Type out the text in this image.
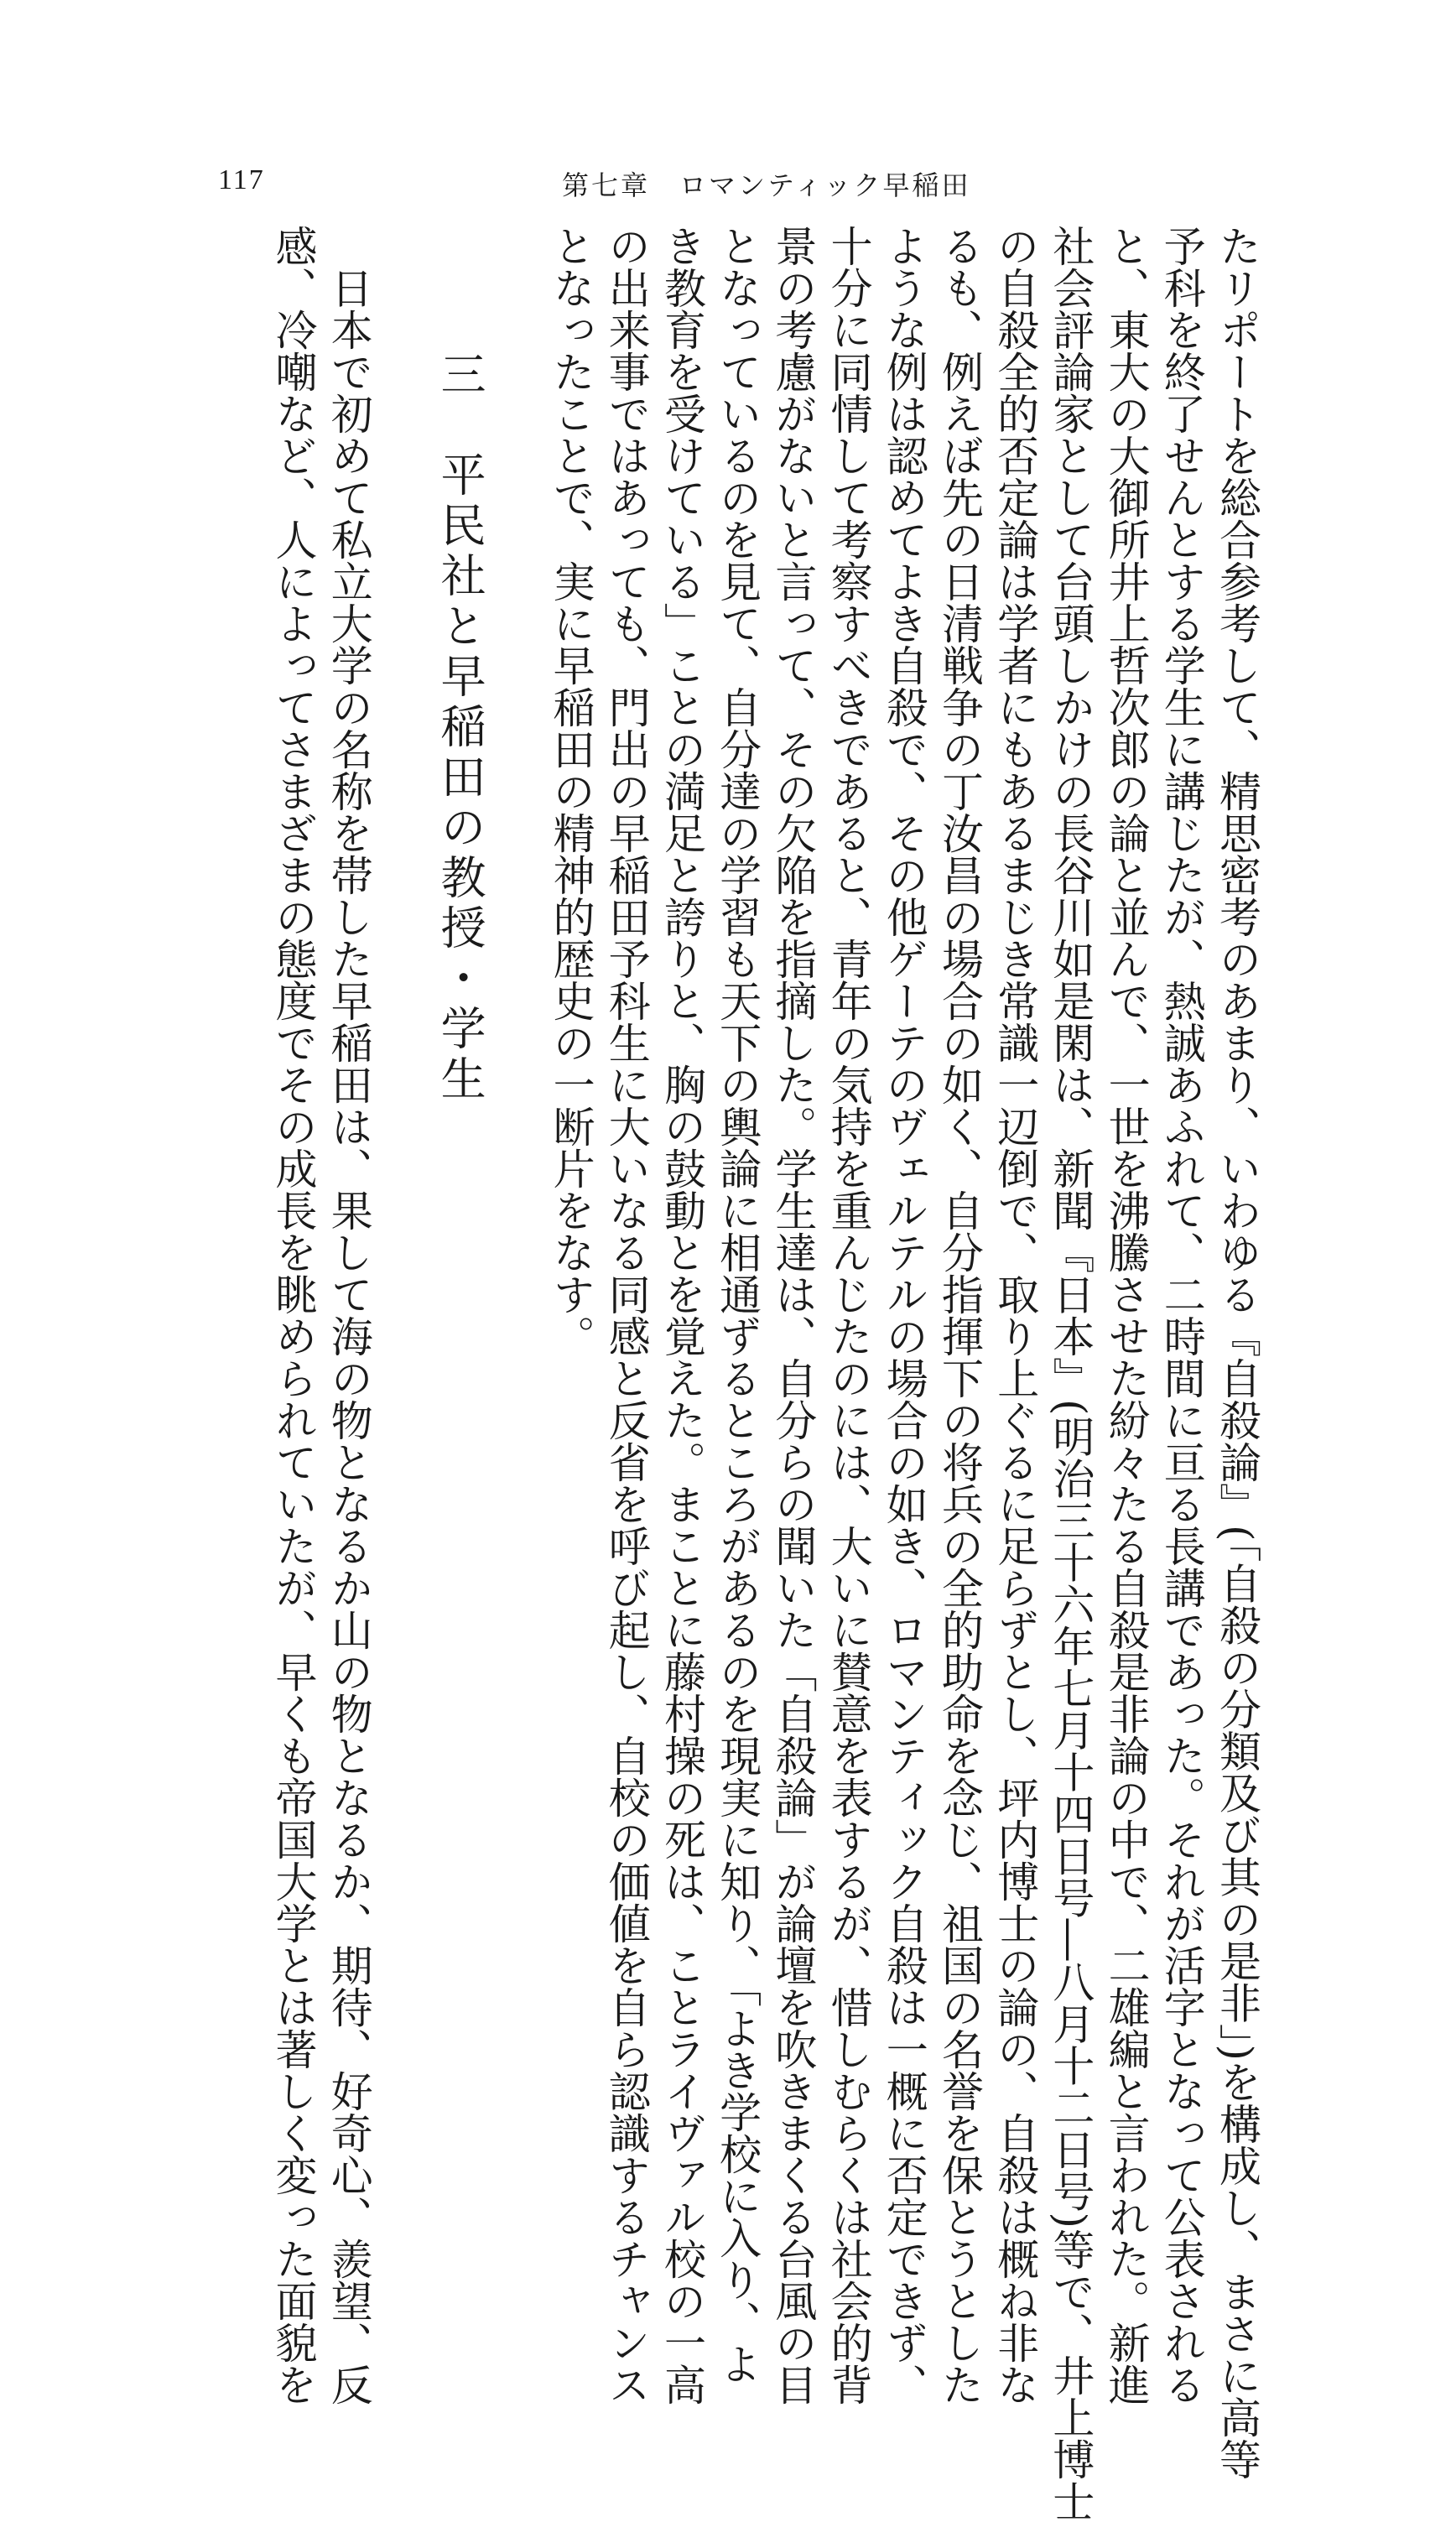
117	第七章　ロマンティック早稲田
たリポートを総合参考して、精思密考のあまり、いわゆる『自殺論』(「自殺の分類及び其の是非」)を構成し、まさに高等
予科を終了せんとする学生に講じたが、熱誠あふれて、二時間に亘る長講であった。それが活字となって公表される
と、東大の大御所井上哲次郎の論と並んで、一世を沸騰させた紛々たる自殺是非論の中で、二雄編と言われた。新進
社会評論家として台頭しかけの長谷川如是閑は、新聞『日本』(明治三十六年七月十四日号―八月十二日号)等で、井上博士
の自殺全的否定論は学者にもあるまじき常識一辺倒で、取り上ぐるに足らずとし、坪内博士の論の、自殺は概ね非な
るも、例えば先の日清戦争の丁汝昌の場合の如く、自分指揮下の将兵の全的助命を念じ、祖国の名誉を保とうとした
ような例は認めてよき自殺で、その他ゲーテのヴェルテルの場合の如き、ロマンティック自殺は一概に否定できず、
十分に同情して考察すべきであると、青年の気持を重んじたのには、大いに賛意を表するが、惜しむらくは社会的背
景の考慮がないと言って、その欠陥を指摘した。学生達は、自分らの聞いた「自殺論」が論壇を吹きまくる台風の目
となっているのを見て、自分達の学習も天下の輿論に相通ずるところがあるのを現実に知り、「よき学校に入り、よ
き教育を受けている」ことの満足と誇りと、胸の鼓動とを覚えた。まことに藤村操の死は、ことライヴァル校の一高
の出来事ではあっても、門出の早稲田予科生に大いなる同感と反省を呼び起し、自校の価値を自ら認識するチャンス
となったことで、実に早稲田の精神的歴史の一断片をなす。
三　平民社と早稲田の教授・学生
日本で初めて私立大学の名称を帯した早稲田は、果して海の物となるか山の物となるか、期待、好奇心、羨望、反
感、冷嘲など、人によってさまざまの態度でその成長を眺められていたが、早くも帝国大学とは著しく変った面貌を
